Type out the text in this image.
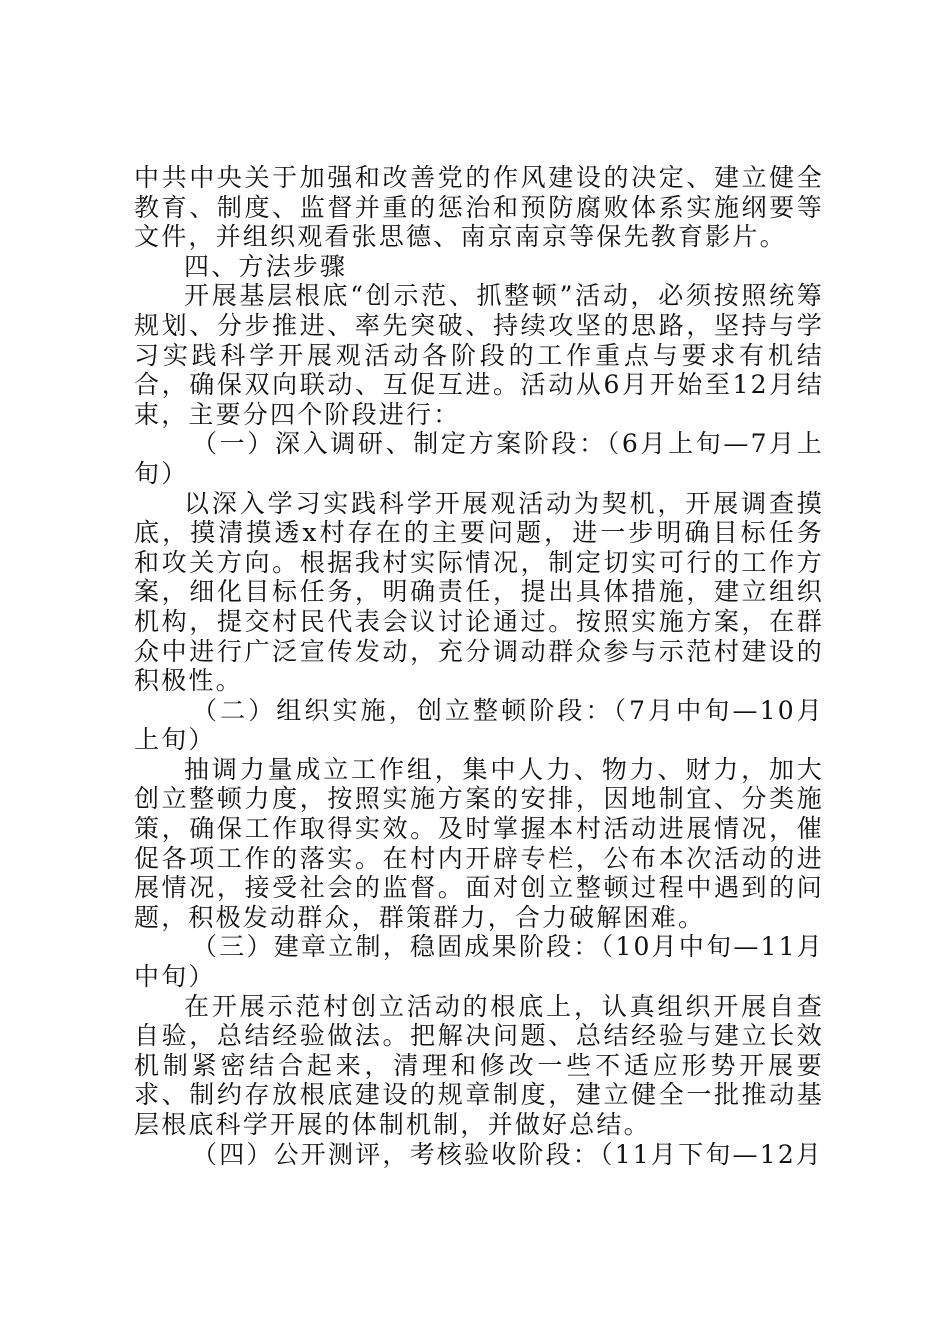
中共中央关于加强和改善党的作风建设的决定、建立健全教育、制度、监督并重的惩治和预防腐败体系实施纲要等文件，并组织观看张思德、南京南京等保先教育影片。

四、方法步骤

开展基层根底“创示范、抓整顿”活动，必须按照统筹规划、分步推进、率先突破、持续攻坚的思路，坚持与学习实践科学开展观活动各阶段的工作重点与要求有机结合，确保双向联动、互促互进。活动从6月开始至12月结束，主要分四个阶段进行：

（一）深入调研、制定方案阶段：（6月上旬—7月上旬）

以深入学习实践科学开展观活动为契机，开展调查摸底，摸清摸透x村存在的主要问题，进一步明确目标任务和攻关方向。根据我村实际情况，制定切实可行的工作方案，细化目标任务，明确责任，提出具体措施，建立组织机构，提交村民代表会议讨论通过。按照实施方案，在群众中进行广泛宣传发动，充分调动群众参与示范村建设的积极性。

（二）组织实施，创立整顿阶段：（7月中旬—10月上旬）

抽调力量成立工作组，集中人力、物力、财力，加大创立整顿力度，按照实施方案的安排，因地制宜、分类施策，确保工作取得实效。及时掌握本村活动进展情况，催促各项工作的落实。在村内开辟专栏，公布本次活动的进展情况，接受社会的监督。面对创立整顿过程中遇到的问题，积极发动群众，群策群力，合力破解困难。

（三）建章立制，稳固成果阶段：（10月中旬—11月中旬）

在开展示范村创立活动的根底上，认真组织开展自查自验，总结经验做法。把解决问题、总结经验与建立长效机制紧密结合起来，清理和修改一些不适应形势开展要求、制约存放根底建设的规章制度，建立健全一批推动基层根底科学开展的体制机制，并做好总结。

（四）公开测评，考核验收阶段：（11月下旬—12月
